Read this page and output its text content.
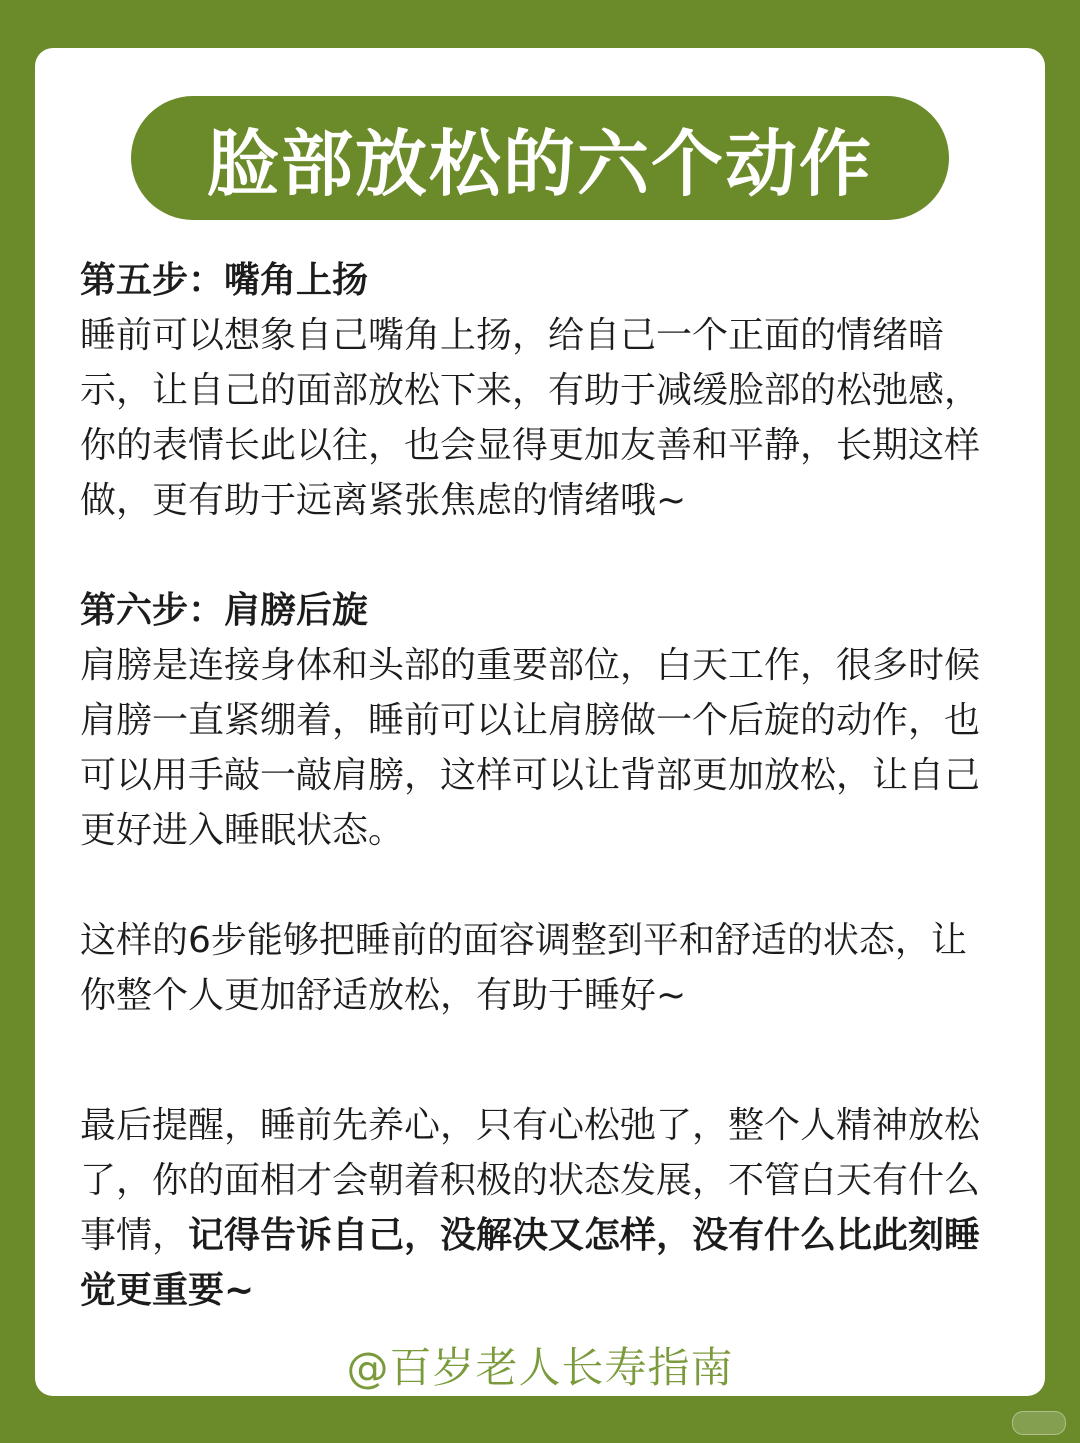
脸部放松的六个动作

第五步：嘴角上扬

睡前可以想象自己嘴角上扬，给自己一个正面的情绪暗示，让自己的面部放松下来，有助于减缓脸部的松弛感，你的表情长此以往，也会显得更加友善和平静，长期这样做，更有助于远离紧张焦虑的情绪哦~

第六步：肩膀后旋

肩膀是连接身体和头部的重要部位，白天工作，很多时候肩膀一直紧绷着，睡前可以让肩膀做一个后旋的动作，也可以用手敲一敲肩膀，这样可以让背部更加放松，让自己更好进入睡眠状态。

这样的6步能够把睡前的面容调整到平和舒适的状态，让你整个人更加舒适放松，有助于睡好~

最后提醒，睡前先养心，只有心松弛了，整个人精神放松了，你的面相才会朝着积极的状态发展，不管白天有什么事情，记得告诉自己，没解决又怎样，没有什么比此刻睡觉更重要~

@百岁老人长寿指南
